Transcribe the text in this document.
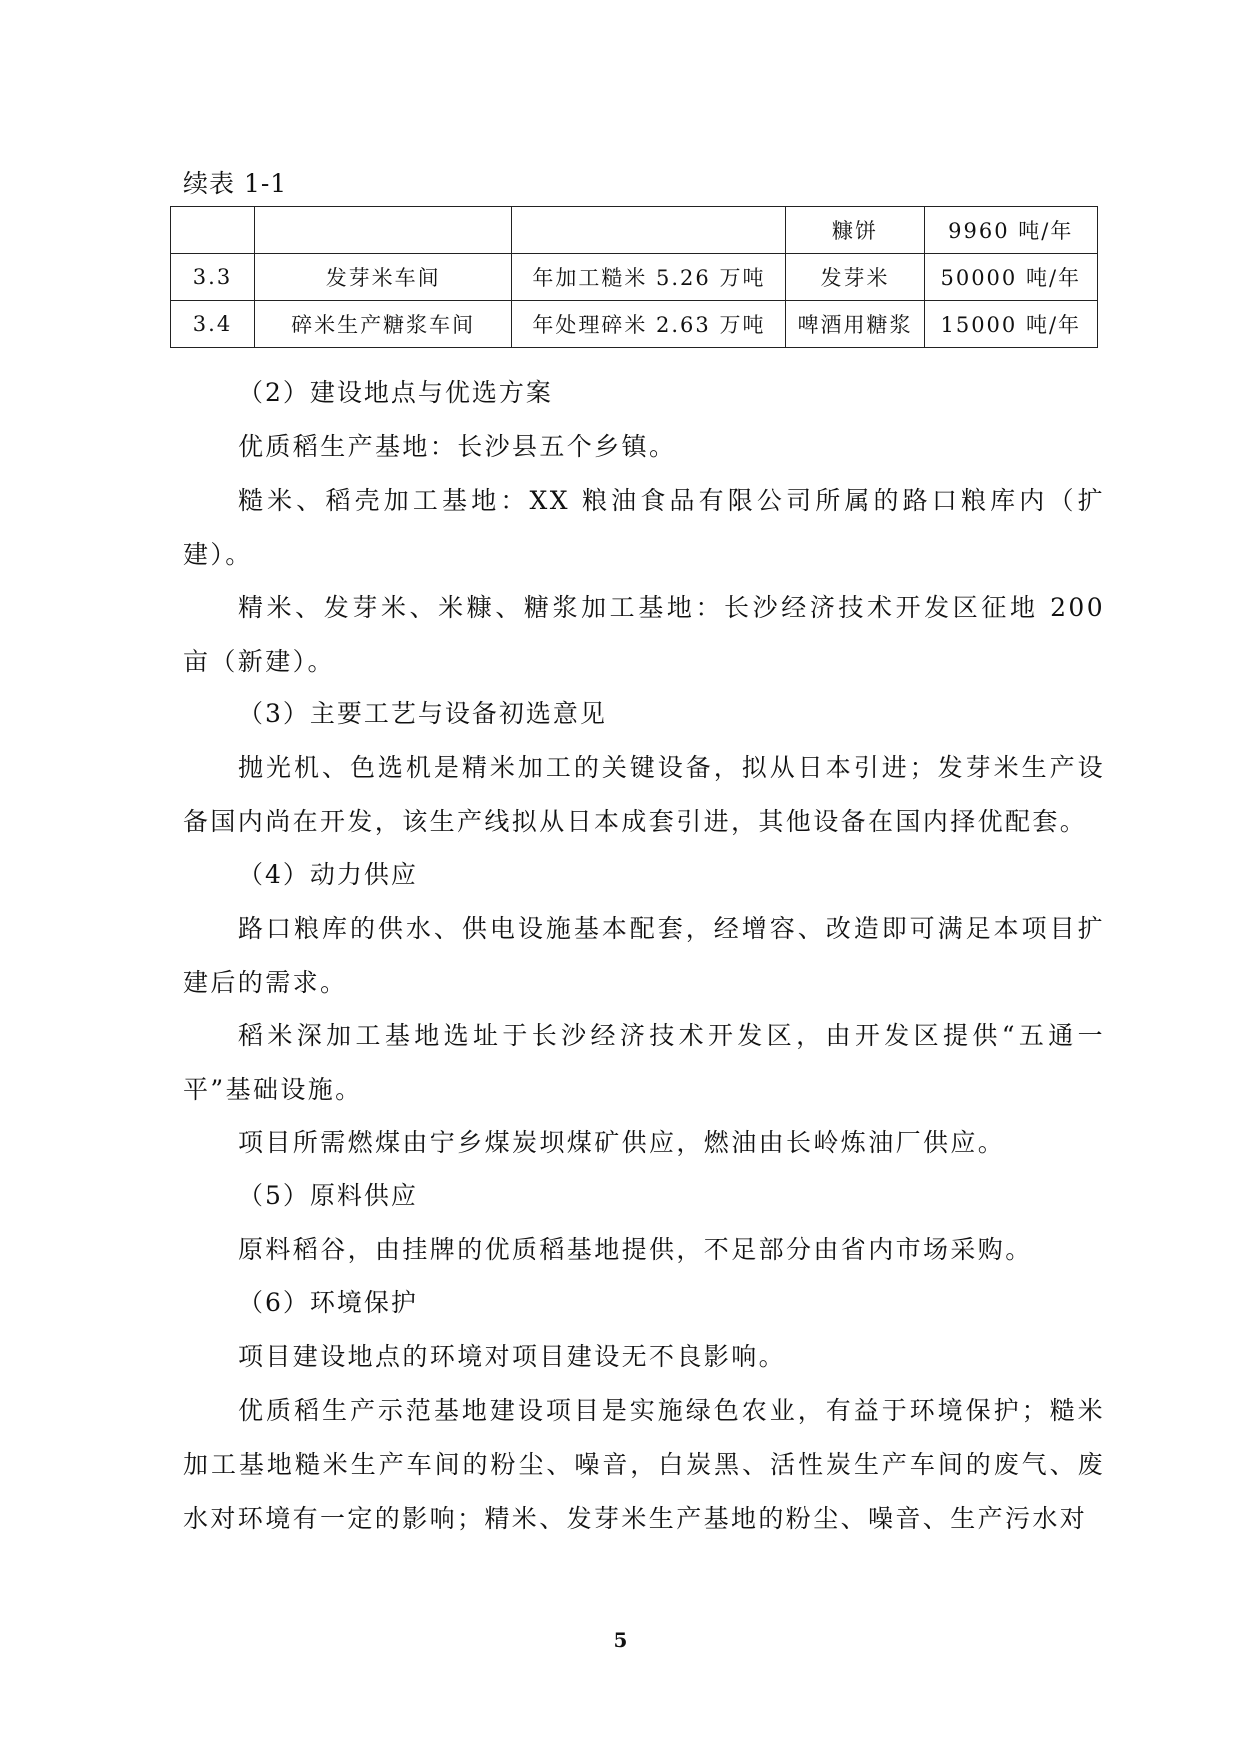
续表 1-1
			糠饼	9960 吨/年
3.3	发芽米车间	年加工糙米 5.26 万吨	发芽米	50000 吨/年
3.4	碎米生产糖浆车间	年处理碎米 2.63 万吨	啤酒用糖浆	15000 吨/年
（2）建设地点与优选方案
优质稻生产基地：长沙县五个乡镇。
糙米、稻壳加工基地：XX 粮油食品有限公司所属的路口粮库内（扩建）。
精米、发芽米、米糠、糖浆加工基地：长沙经济技术开发区征地 200 亩（新建）。
（3）主要工艺与设备初选意见
抛光机、色选机是精米加工的关键设备，拟从日本引进；发芽米生产设备国内尚在开发，该生产线拟从日本成套引进，其他设备在国内择优配套。
（4）动力供应
路口粮库的供水、供电设施基本配套，经增容、改造即可满足本项目扩建后的需求。
稻米深加工基地选址于长沙经济技术开发区，由开发区提供“五通一平”基础设施。
项目所需燃煤由宁乡煤炭坝煤矿供应，燃油由长岭炼油厂供应。
（5）原料供应
原料稻谷，由挂牌的优质稻基地提供，不足部分由省内市场采购。
（6）环境保护
项目建设地点的环境对项目建设无不良影响。
优质稻生产示范基地建设项目是实施绿色农业，有益于环境保护；糙米加工基地糙米生产车间的粉尘、噪音，白炭黑、活性炭生产车间的废气、废水对环境有一定的影响；精米、发芽米生产基地的粉尘、噪音、生产污水对
5
